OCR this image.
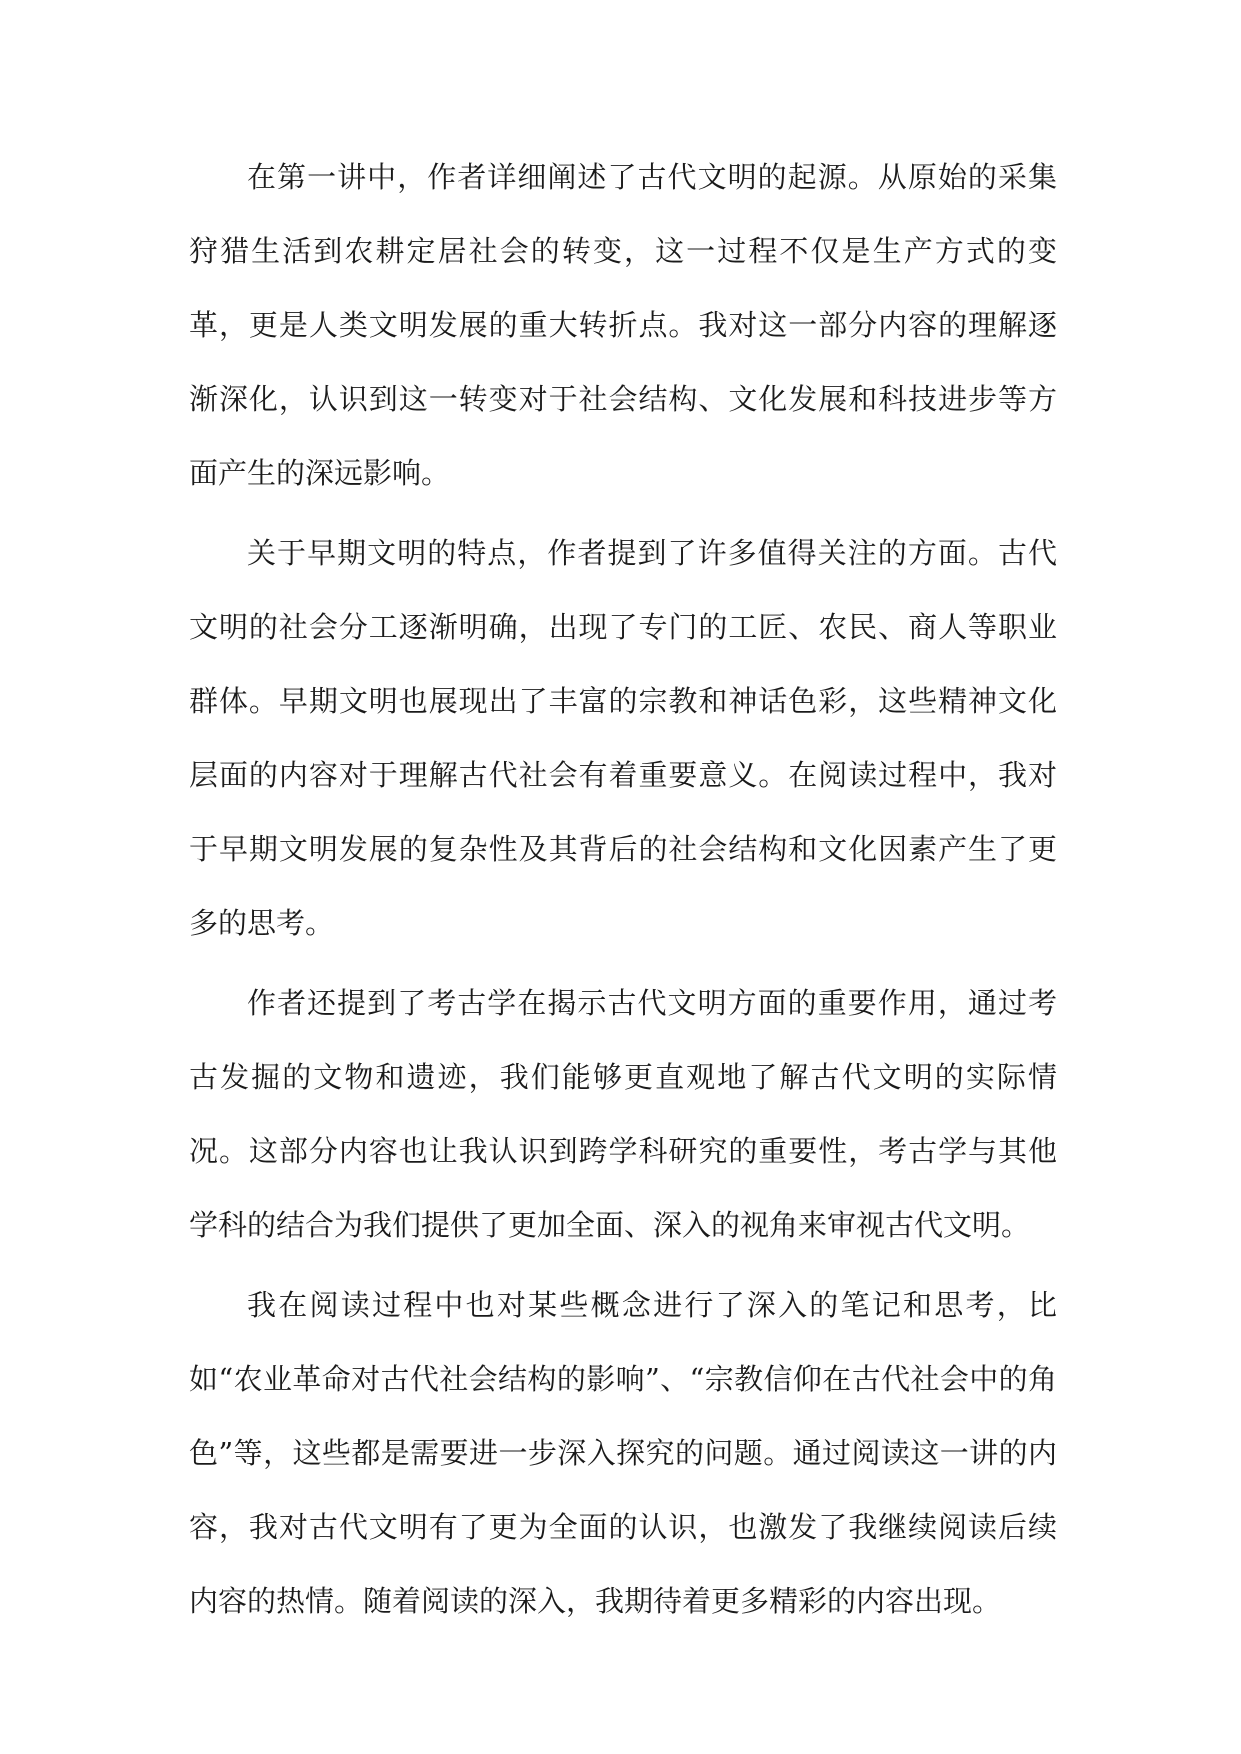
在第一讲中，作者详细阐述了古代文明的起源。从原始的采集狩猎生活到农耕定居社会的转变，这一过程不仅是生产方式的变革，更是人类文明发展的重大转折点。我对这一部分内容的理解逐渐深化，认识到这一转变对于社会结构、文化发展和科技进步等方面产生的深远影响。

关于早期文明的特点，作者提到了许多值得关注的方面。古代文明的社会分工逐渐明确，出现了专门的工匠、农民、商人等职业群体。早期文明也展现出了丰富的宗教和神话色彩，这些精神文化层面的内容对于理解古代社会有着重要意义。在阅读过程中，我对于早期文明发展的复杂性及其背后的社会结构和文化因素产生了更多的思考。

作者还提到了考古学在揭示古代文明方面的重要作用，通过考古发掘的文物和遗迹，我们能够更直观地了解古代文明的实际情况。这部分内容也让我认识到跨学科研究的重要性，考古学与其他学科的结合为我们提供了更加全面、深入的视角来审视古代文明。

我在阅读过程中也对某些概念进行了深入的笔记和思考，比如“农业革命对古代社会结构的影响”、“宗教信仰在古代社会中的角色”等，这些都是需要进一步深入探究的问题。通过阅读这一讲的内容，我对古代文明有了更为全面的认识，也激发了我继续阅读后续内容的热情。随着阅读的深入，我期待着更多精彩的内容出现。
